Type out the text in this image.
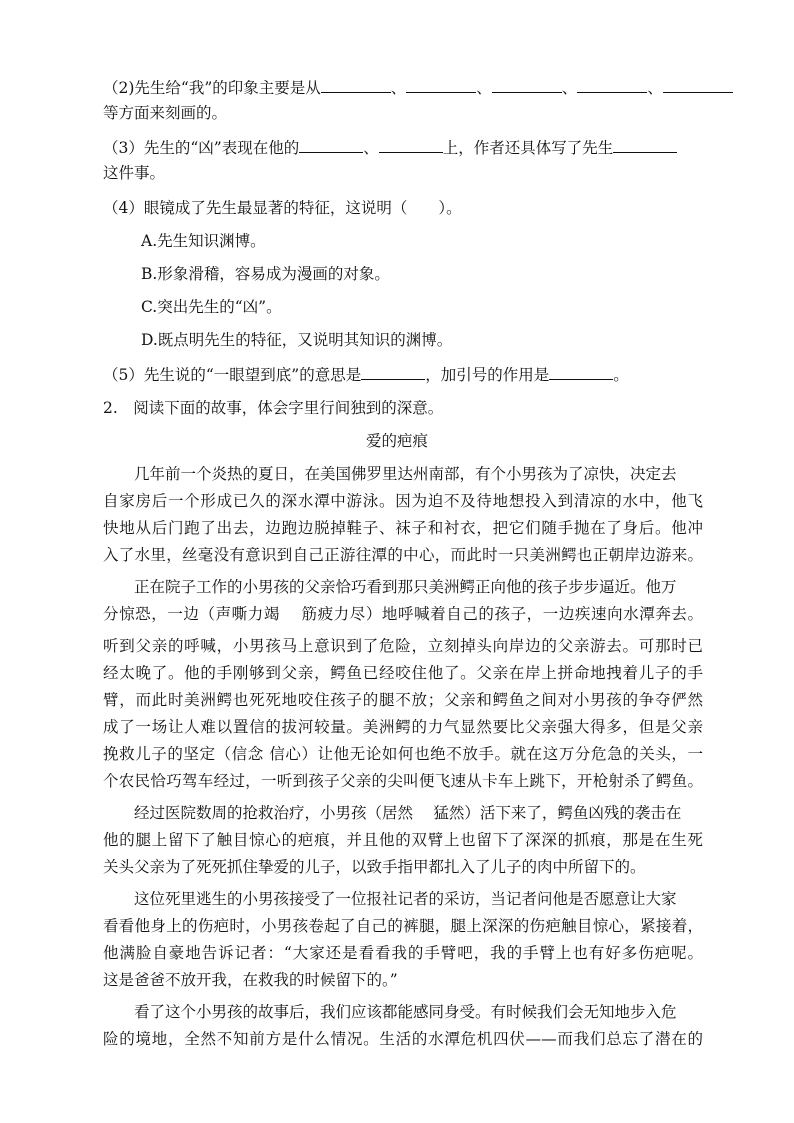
（2)先生给“我”的印象主要是从	、	、	、	、
等方面来刻画的。
（3）先生的“凶”表现在他的	、	上，作者还具体写了先生
这件事。
（4）眼镜成了先生最显著的特征，这说明（　　）。
A.先生知识渊博。
B.形象滑稽，容易成为漫画的对象。
C.突出先生的“凶”。
D.既点明先生的特征，又说明其知识的渊博。
（5）先生说的“一眼望到底”的意思是	，加引号的作用是	。
2.　阅读下面的故事，体会字里行间独到的深意。
爱的疤痕
几年前一个炎热的夏日，在美国佛罗里达州南部，有个小男孩为了凉快，决定去
自家房后一个形成已久的深水潭中游泳。因为迫不及待地想投入到清凉的水中，他飞
快地从后门跑了出去，边跑边脱掉鞋子、袜子和衬衣，把它们随手抛在了身后。他冲
入了水里，丝毫没有意识到自己正游往潭的中心，而此时一只美洲鳄也正朝岸边游来。
正在院子工作的小男孩的父亲恰巧看到那只美洲鳄正向他的孩子步步逼近。他万
分惊恐，一边（声嘶力竭　 筋疲力尽）地呼喊着自己的孩子，一边疾速向水潭奔去。
听到父亲的呼喊，小男孩马上意识到了危险，立刻掉头向岸边的父亲游去。可那时已
经太晚了。他的手刚够到父亲，鳄鱼已经咬住他了。父亲在岸上拼命地拽着儿子的手
臂，而此时美洲鳄也死死地咬住孩子的腿不放；父亲和鳄鱼之间对小男孩的争夺俨然
成了一场让人难以置信的拔河较量。美洲鳄的力气显然要比父亲强大得多，但是父亲
挽救儿子的坚定（信念 信心）让他无论如何也绝不放手。就在这万分危急的关头，一
个农民恰巧驾车经过，一听到孩子父亲的尖叫便飞速从卡车上跳下，开枪射杀了鳄鱼。
经过医院数周的抢救治疗，小男孩（居然　 猛然）活下来了，鳄鱼凶残的袭击在
他的腿上留下了触目惊心的疤痕，并且他的双臂上也留下了深深的抓痕，那是在生死
关头父亲为了死死抓住挚爱的儿子，以致手指甲都扎入了儿子的肉中所留下的。
这位死里逃生的小男孩接受了一位报社记者的采访，当记者问他是否愿意让大家
看看他身上的伤疤时，小男孩卷起了自己的裤腿，腿上深深的伤疤触目惊心，紧接着，
他满脸自豪地告诉记者：“大家还是看看我的手臂吧，我的手臂上也有好多伤疤呢。
这是爸爸不放开我，在救我的时候留下的。”
看了这个小男孩的故事后，我们应该都能感同身受。有时候我们会无知地步入危
险的境地，全然不知前方是什么情况。生活的水潭危机四伏——而我们总忘了潜在的
